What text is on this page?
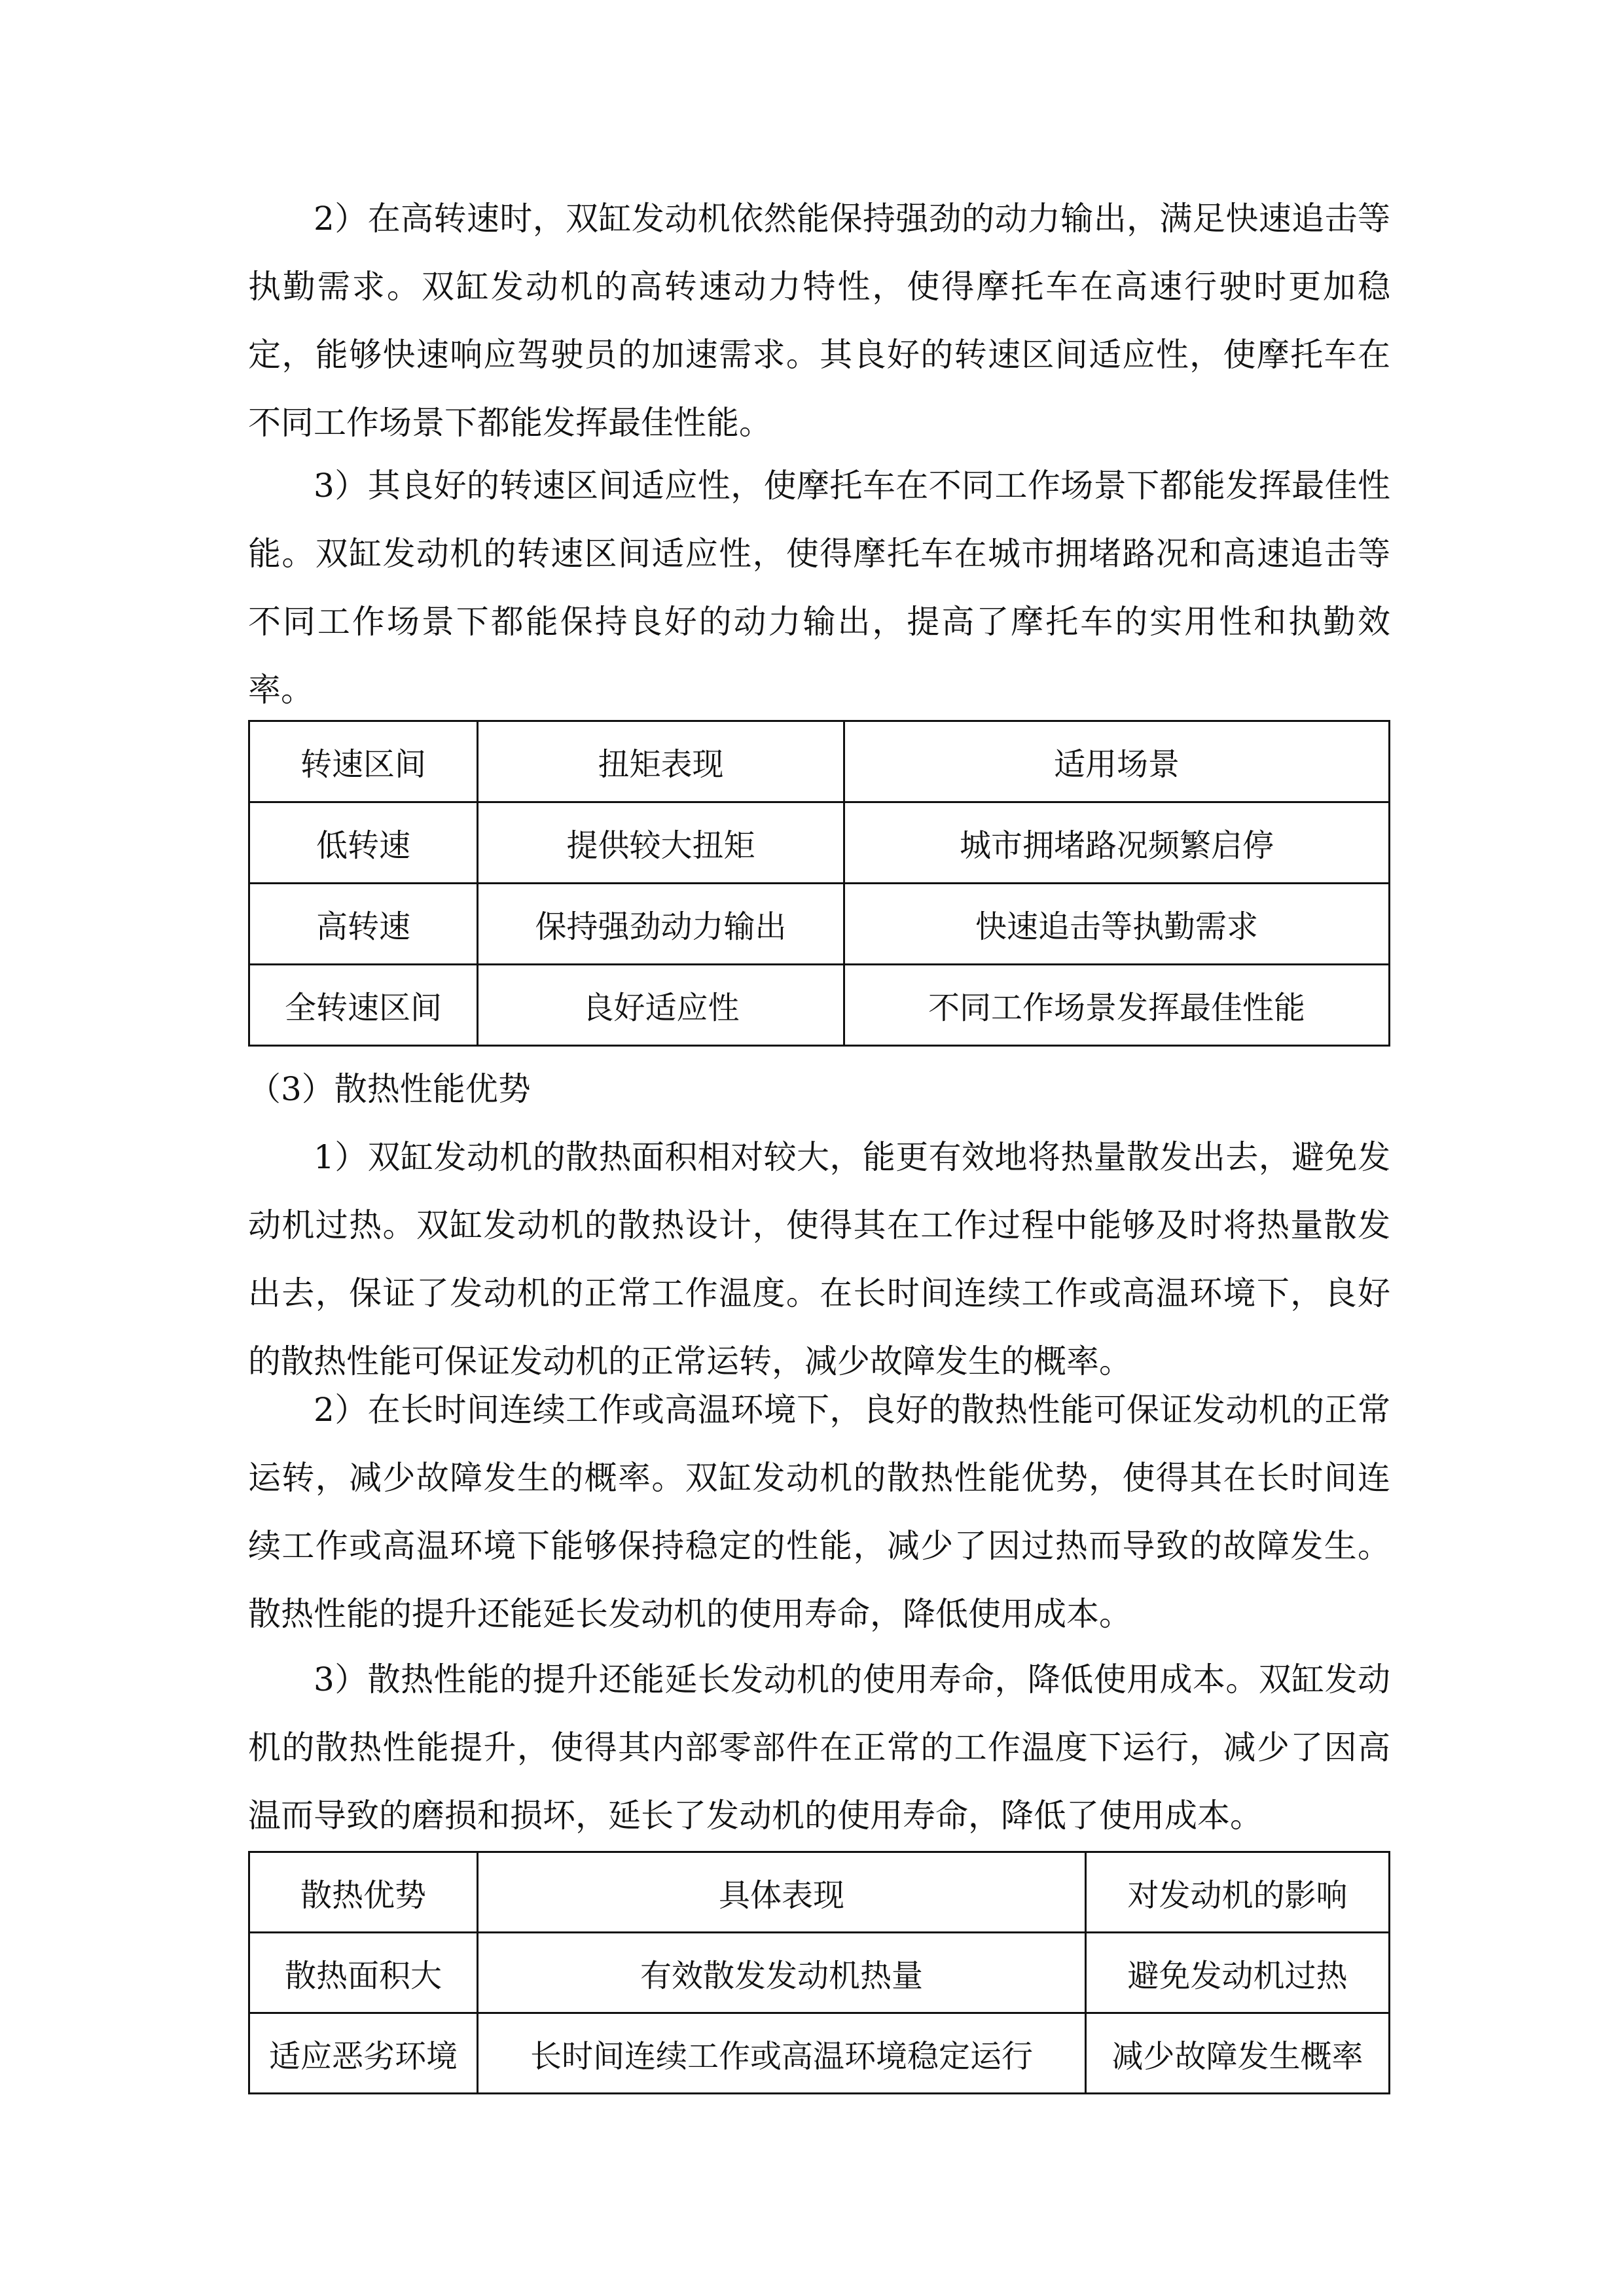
2）在高转速时，双缸发动机依然能保持强劲的动力输出，满足快速追击等执勤需求。双缸发动机的高转速动力特性，使得摩托车在高速行驶时更加稳定，能够快速响应驾驶员的加速需求。其良好的转速区间适应性，使摩托车在不同工作场景下都能发挥最佳性能。

3）其良好的转速区间适应性，使摩托车在不同工作场景下都能发挥最佳性能。双缸发动机的转速区间适应性，使得摩托车在城市拥堵路况和高速追击等不同工作场景下都能保持良好的动力输出，提高了摩托车的实用性和执勤效率。

转速区间	扭矩表现	适用场景
低转速	提供较大扭矩	城市拥堵路况频繁启停
高转速	保持强劲动力输出	快速追击等执勤需求
全转速区间	良好适应性	不同工作场景发挥最佳性能

（3）散热性能优势

1）双缸发动机的散热面积相对较大，能更有效地将热量散发出去，避免发动机过热。双缸发动机的散热设计，使得其在工作过程中能够及时将热量散发出去，保证了发动机的正常工作温度。在长时间连续工作或高温环境下，良好的散热性能可保证发动机的正常运转，减少故障发生的概率。

2）在长时间连续工作或高温环境下，良好的散热性能可保证发动机的正常运转，减少故障发生的概率。双缸发动机的散热性能优势，使得其在长时间连续工作或高温环境下能够保持稳定的性能，减少了因过热而导致的故障发生。散热性能的提升还能延长发动机的使用寿命，降低使用成本。

3）散热性能的提升还能延长发动机的使用寿命，降低使用成本。双缸发动机的散热性能提升，使得其内部零部件在正常的工作温度下运行，减少了因高温而导致的磨损和损坏，延长了发动机的使用寿命，降低了使用成本。

散热优势	具体表现	对发动机的影响
散热面积大	有效散发发动机热量	避免发动机过热
适应恶劣环境	长时间连续工作或高温环境稳定运行	减少故障发生概率
